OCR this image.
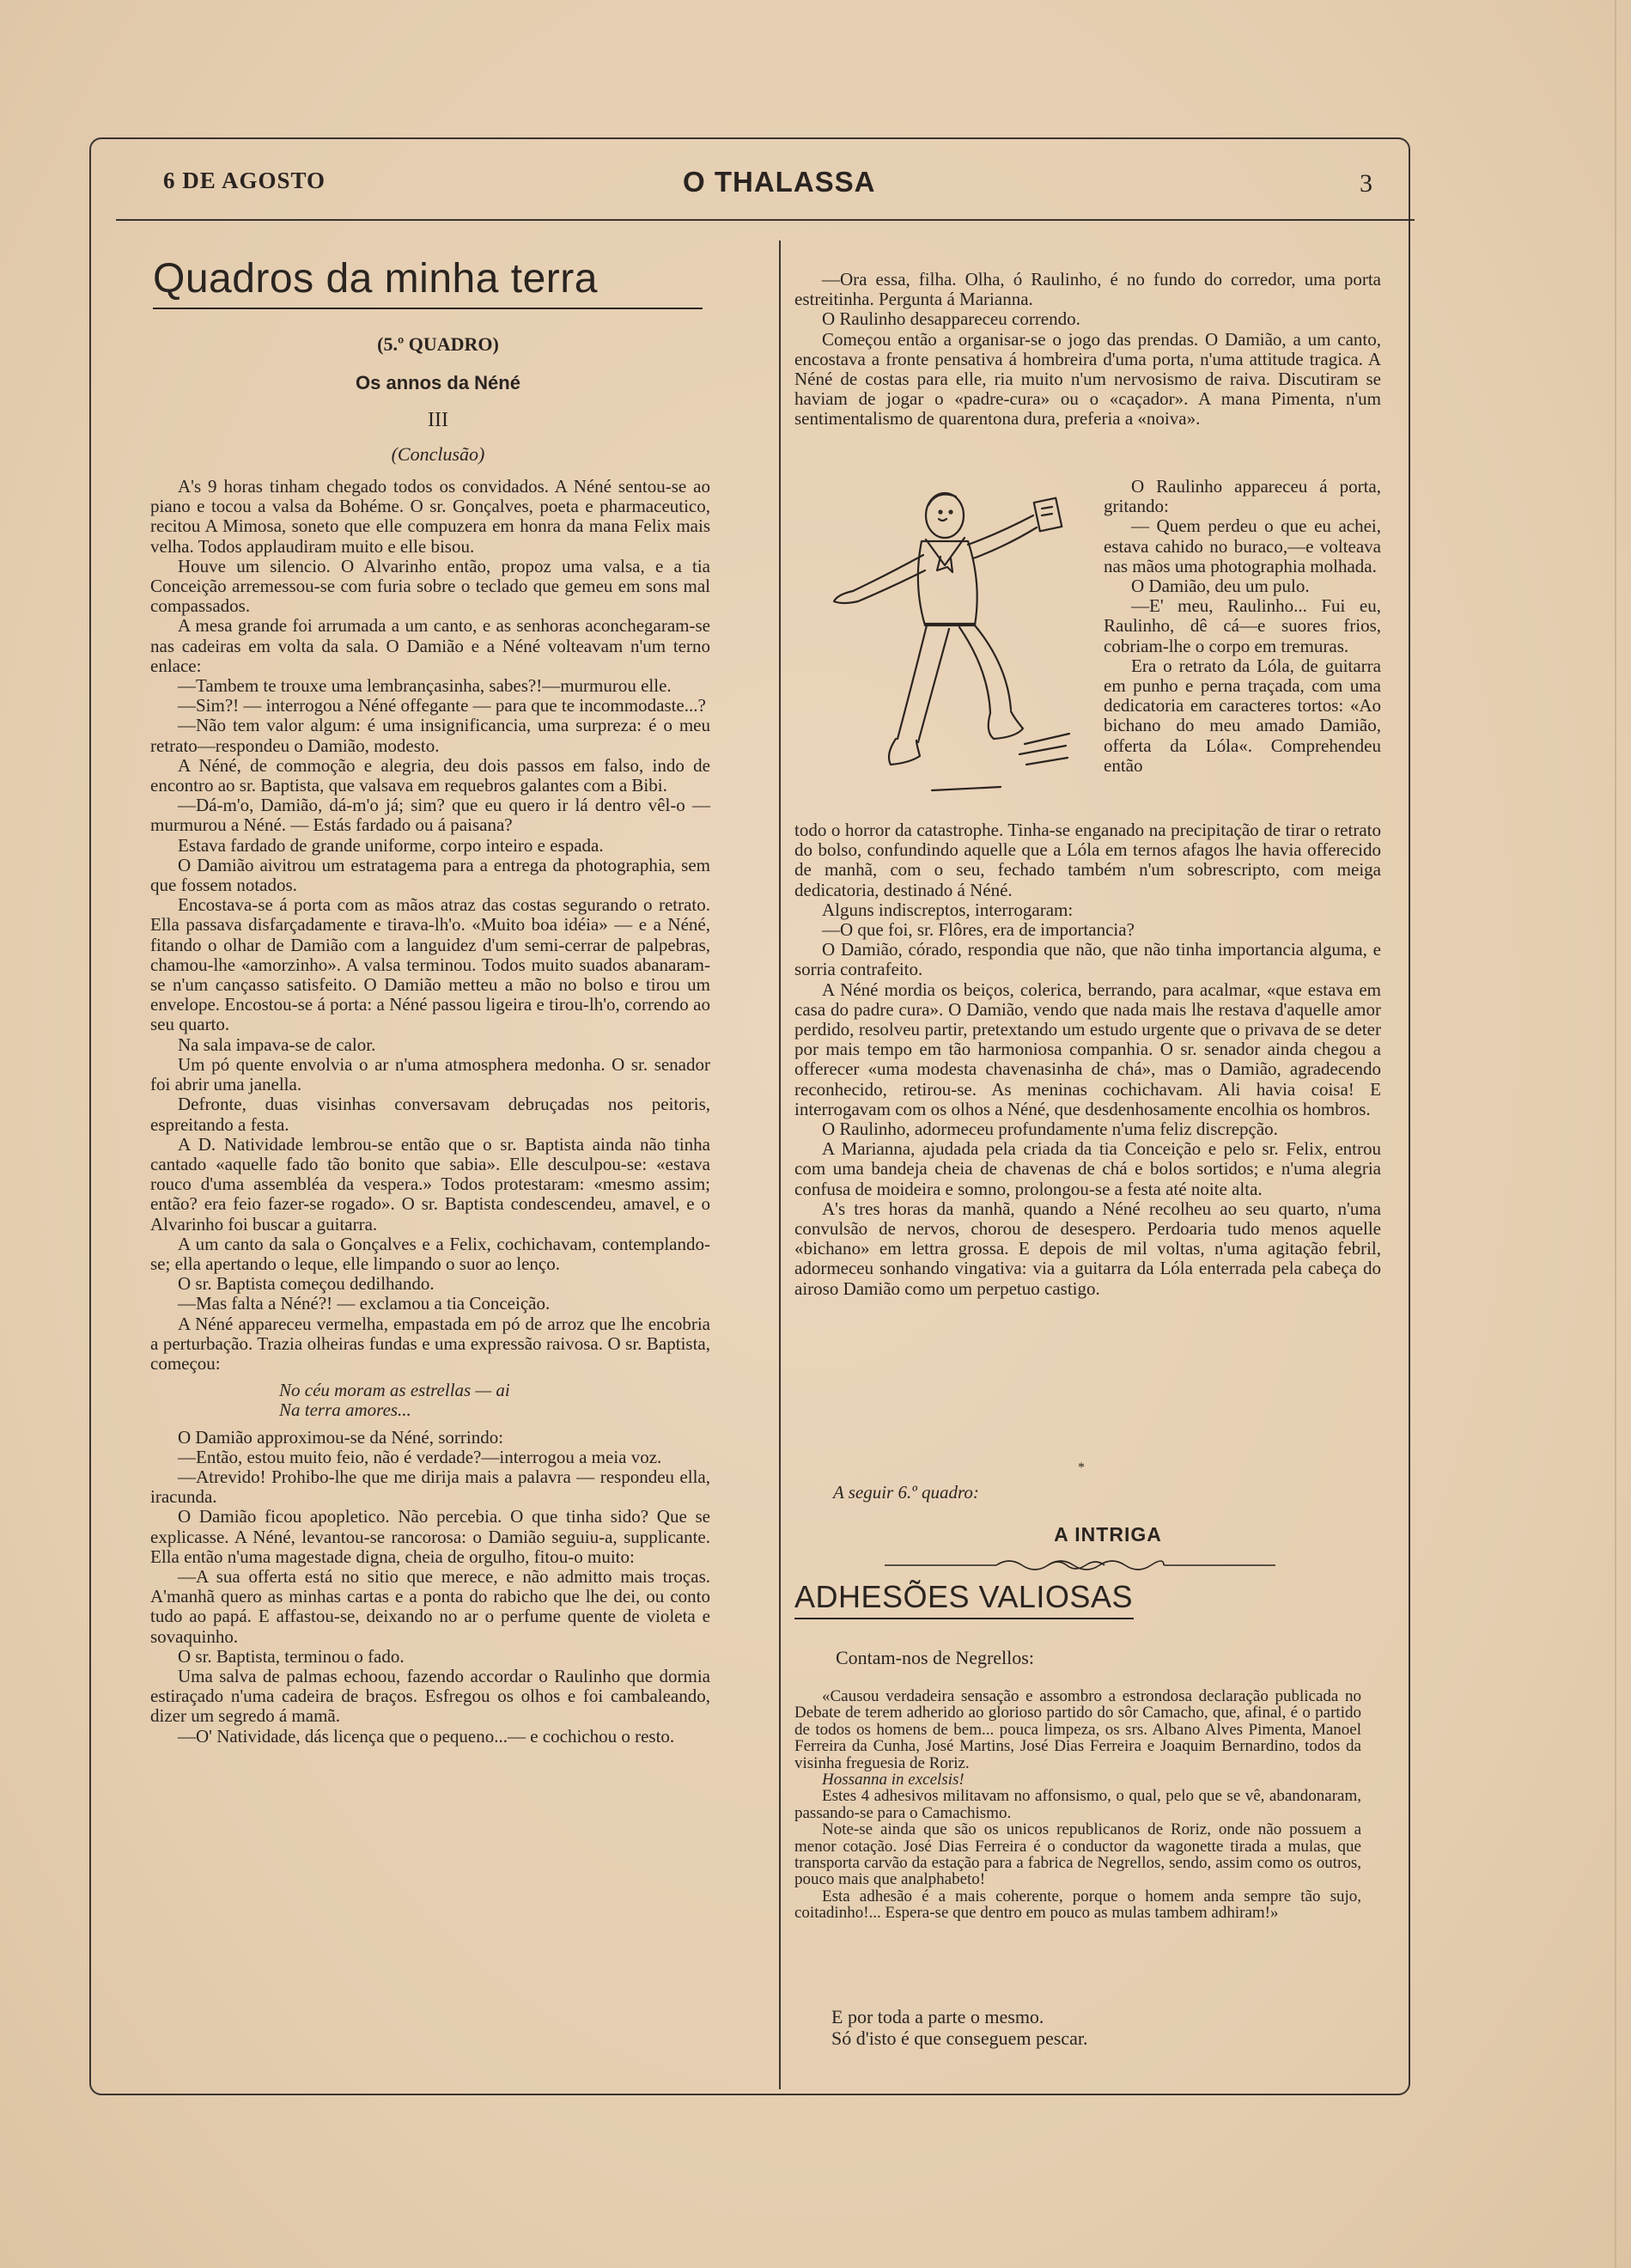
6 DE AGOSTO	O THALASSA	3
Quadros da minha terra
(5.º QUADRO)
Os annos da Néné
III
(Conclusão)

A's 9 horas tinham chegado todos os convidados. A Néné sentou-se ao piano e tocou a valsa da Bohéme. O sr. Gonçalves, poeta e pharmaceutico, recitou A Mimosa, soneto que elle compuzera em honra da mana Felix mais velha. Todos applaudiram muito e elle bisou.

Houve um silencio. O Alvarinho então, propoz uma valsa, e a tia Conceição arremessou-se com furia sobre o teclado que gemeu em sons mal compassados.

A mesa grande foi arrumada a um canto, e as senhoras aconchegaram-se nas cadeiras em volta da sala. O Damião e a Néné volteavam n'um terno enlace:

—Tambem te trouxe uma lembrançasinha, sabes?!—murmurou elle.

—Sim?! — interrogou a Néné offegante — para que te incommodaste...?

—Não tem valor algum: é uma insignificancia, uma surpreza: é o meu retrato—respondeu o Damião, modesto.

A Néné, de commoção e alegria, deu dois passos em falso, indo de encontro ao sr. Baptista, que valsava em requebros galantes com a Bibi.

—Dá-m'o, Damião, dá-m'o já; sim? que eu quero ir lá dentro vêl-o — murmurou a Néné. — Estás fardado ou á paisana?

Estava fardado de grande uniforme, corpo inteiro e espada.

O Damião aivitrou um estratagema para a entrega da photographia, sem que fossem notados.

Encostava-se á porta com as mãos atraz das costas segurando o retrato. Ella passava disfarçadamente e tirava-lh'o. «Muito boa idéia» — e a Néné, fitando o olhar de Damião com a languidez d'um semi-cerrar de palpebras, chamou-lhe «amorzinho». A valsa terminou. Todos muito suados abanaram-se n'um cançasso satisfeito. O Damião metteu a mão no bolso e tirou um envelope. Encostou-se á porta: a Néné passou ligeira e tirou-lh'o, correndo ao seu quarto.

Na sala impava-se de calor.

Um pó quente envolvia o ar n'uma atmosphera medonha. O sr. senador foi abrir uma janella.

Defronte, duas visinhas conversavam debruçadas nos peitoris, espreitando a festa.

A D. Natividade lembrou-se então que o sr. Baptista ainda não tinha cantado «aquelle fado tão bonito que sabia». Elle desculpou-se: «estava rouco d'uma assembléa da vespera.» Todos protestaram: «mesmo assim; então? era feio fazer-se rogado». O sr. Baptista condescendeu, amavel, e o Alvarinho foi buscar a guitarra.

A um canto da sala o Gonçalves e a Felix, cochichavam, contemplando-se; ella apertando o leque, elle limpando o suor ao lenço.

O sr. Baptista começou dedilhando.

—Mas falta a Néné?! — exclamou a tia Conceição.

A Néné appareceu vermelha, empastada em pó de arroz que lhe encobria a perturbação. Trazia olheiras fundas e uma expressão raivosa. O sr. Baptista, começou:

No céu moram as estrellas — ai
Na terra amores...

O Damião approximou-se da Néné, sorrindo:

—Então, estou muito feio, não é verdade?—interrogou a meia voz.

—Atrevido! Prohibo-lhe que me dirija mais a palavra — respondeu ella, iracunda.

O Damião ficou apopletico. Não percebia. O que tinha sido? Que se explicasse. A Néné, levantou-se rancorosa: o Damião seguiu-a, supplicante. Ella então n'uma magestade digna, cheia de orgulho, fitou-o muito:

—A sua offerta está no sitio que merece, e não admitto mais troças. A'manhã quero as minhas cartas e a ponta do rabicho que lhe dei, ou conto tudo ao papá. E affastou-se, deixando no ar o perfume quente de violeta e sovaquinho.

O sr. Baptista, terminou o fado.

Uma salva de palmas echoou, fazendo accordar o Raulinho que dormia estiraçado n'uma cadeira de braços. Esfregou os olhos e foi cambaleando, dizer um segredo á mamã.

—O' Natividade, dás licença que o pequeno...— e cochichou o resto.

—Ora essa, filha. Olha, ó Raulinho, é no fundo do corredor, uma porta estreitinha. Pergunta á Marianna.

O Raulinho desappareceu correndo.

Começou então a organisar-se o jogo das prendas. O Damião, a um canto, encostava a fronte pensativa á hombreira d'uma porta, n'uma attitude tragica. A Néné de costas para elle, ria muito n'um nervosismo de raiva. Discutiram se haviam de jogar o «padre-cura» ou o «caçador». A mana Pimenta, n'um sentimentalismo de quarentona dura, preferia a «noiva».

O Raulinho appareceu á porta, gritando:

— Quem perdeu o que eu achei, estava cahido no buraco,—e volteava nas mãos uma photographia molhada.

O Damião, deu um pulo.

—E' meu, Raulinho... Fui eu, Raulinho, dê cá—e suores frios, cobriam-lhe o corpo em tremuras.

Era o retrato da Lóla, de guitarra em punho e perna traçada, com uma dedicatoria em caracteres tortos: «Ao bichano do meu amado Damião, offerta da Lóla«. Comprehendeu então

todo o horror da catastrophe. Tinha-se enganado na precipitação de tirar o retrato do bolso, confundindo aquelle que a Lóla em ternos afagos lhe havia offerecido de manhã, com o seu, fechado também n'um sobrescripto, com meiga dedicatoria, destinado á Néné.

Alguns indiscreptos, interrogaram:

—O que foi, sr. Flôres, era de importancia?

O Damião, córado, respondia que não, que não tinha importancia alguma, e sorria contrafeito.

A Néné mordia os beiços, colerica, berrando, para acalmar, «que estava em casa do padre cura». O Damião, vendo que nada mais lhe restava d'aquelle amor perdido, resolveu partir, pretextando um estudo urgente que o privava de se deter por mais tempo em tão harmoniosa companhia. O sr. senador ainda chegou a offerecer «uma modesta chavenasinha de chá», mas o Damião, agradecendo reconhecido, retirou-se. As meninas cochichavam. Ali havia coisa! E interrogavam com os olhos a Néné, que desdenhosamente encolhia os hombros.

O Raulinho, adormeceu profundamente n'uma feliz discrepção.

A Marianna, ajudada pela criada da tia Conceição e pelo sr. Felix, entrou com uma bandeja cheia de chavenas de chá e bolos sortidos; e n'uma alegria confusa de moideira e somno, prolongou-se a festa até noite alta.

A's tres horas da manhã, quando a Néné recolheu ao seu quarto, n'uma convulsão de nervos, chorou de desespero. Perdoaria tudo menos aquelle «bichano» em lettra grossa. E depois de mil voltas, n'uma agitação febril, adormeceu sonhando vingativa: via a guitarra da Lóla enterrada pela cabeça do airoso Damião como um perpetuo castigo.

*
A seguir 6.º quadro:
A INTRIGA
ADHESÕES VALIOSAS
Contam-nos de Negrellos:

«Causou verdadeira sensação e assombro a estrondosa declaração publicada no Debate de terem adherido ao glorioso partido do sôr Camacho, que, afinal, é o partido de todos os homens de bem... pouca limpeza, os srs. Albano Alves Pimenta, Manoel Ferreira da Cunha, José Martins, José Dias Ferreira e Joaquim Bernardino, todos da visinha freguesia de Roriz.

Hossanna in excelsis!

Estes 4 adhesivos militavam no affonsismo, o qual, pelo que se vê, abandonaram, passando-se para o Camachismo.

Note-se ainda que são os unicos republicanos de Roriz, onde não possuem a menor cotação. José Dias Ferreira é o conductor da wagonette tirada a mulas, que transporta carvão da estação para a fabrica de Negrellos, sendo, assim como os outros, pouco mais que analphabeto!

Esta adhesão é a mais coherente, porque o homem anda sempre tão sujo, coitadinho!... Espera-se que dentro em pouco as mulas tambem adhiram!»

E por toda a parte o mesmo.
Só d'isto é que conseguem pescar.
